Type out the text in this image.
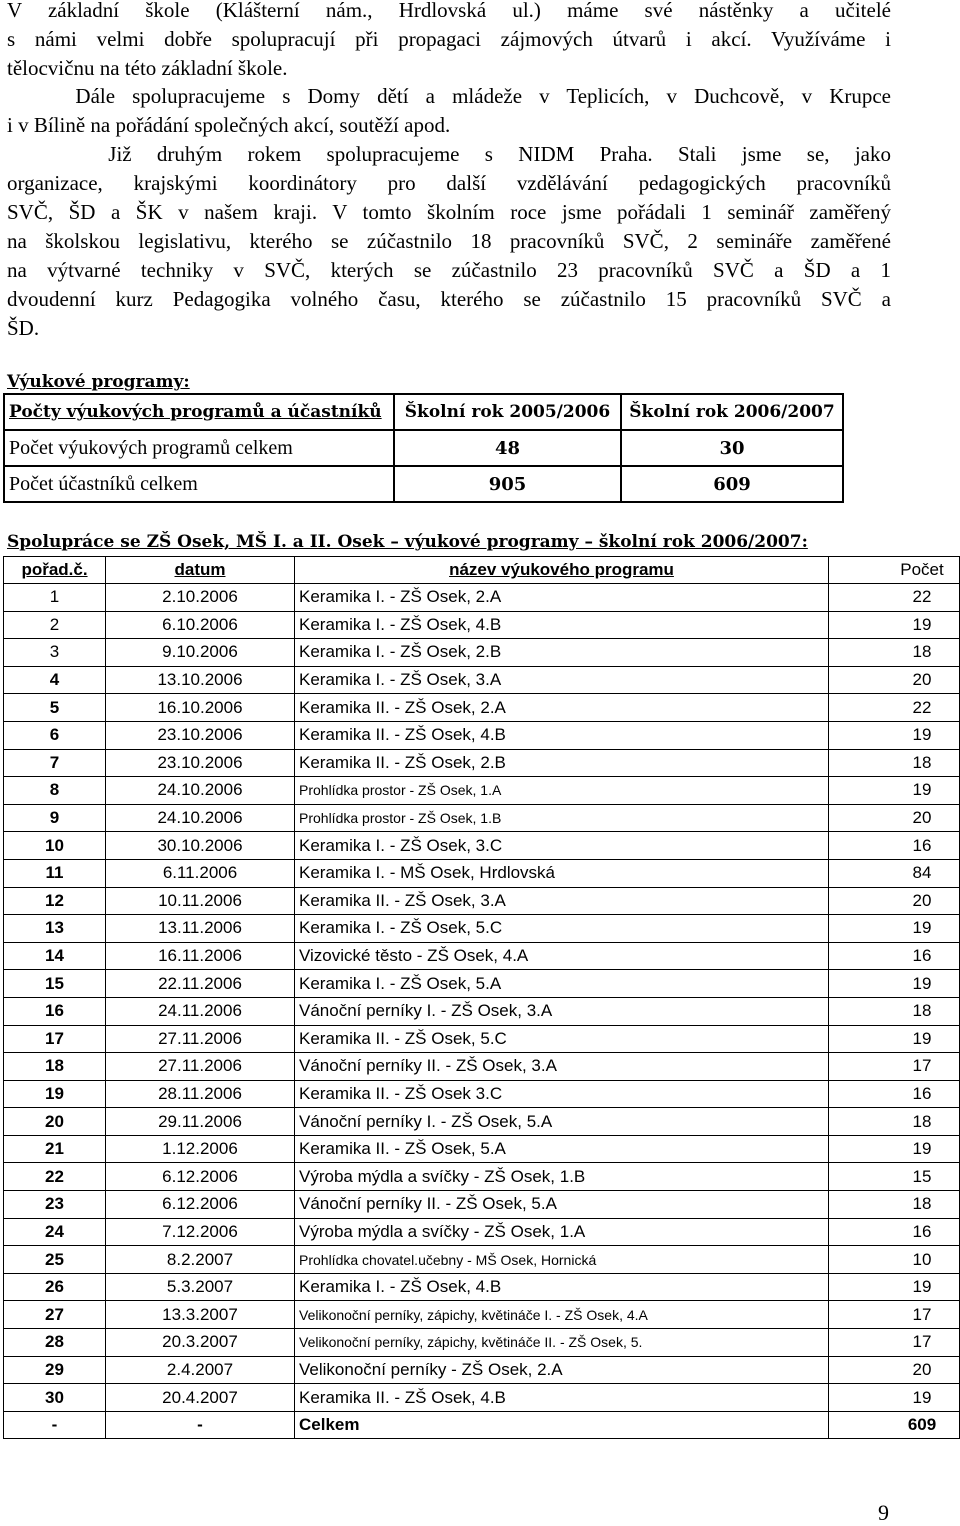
V základní škole (Klášterní nám., Hrdlovská ul.) máme své nástěnky a učitelé
s námi velmi dobře spolupracují při propagaci zájmových útvarů i akcí. Využíváme i
tělocvičnu na této základní škole.
Dále spolupracujeme s Domy dětí a mládeže v Teplicích, v Duchcově, v Krupce
i v Bílině na pořádání společných akcí, soutěží apod.
Již druhým rokem spolupracujeme s NIDM Praha. Stali jsme se, jako
organizace, krajskými koordinátory pro další vzdělávání pedagogických pracovníků
SVČ, ŠD a ŠK v našem kraji. V tomto školním roce jsme pořádali 1 seminář zaměřený
na školskou legislativu, kterého se zúčastnilo 18 pracovníků SVČ, 2 semináře zaměřené
na výtvarné techniky v SVČ, kterých se zúčastnilo 23 pracovníků SVČ a ŠD a 1
dvoudenní kurz Pedagogika volného času, kterého se zúčastnilo 15 pracovníků SVČ a
ŠD.
Výukové programy:
Počty výukových programů a účastníků	Školní rok 2005/2006	Školní rok 2006/2007
Počet výukových programů celkem	48	30
Počet účastníků celkem	905	609
Spolupráce se ZŠ Osek, MŠ I. a II. Osek – výukové programy – školní rok 2006/2007:
pořad.č.	datum	název výukového programu	Počet
1	2.10.2006	Keramika I. - ZŠ Osek, 2.A	22
2	6.10.2006	Keramika I. - ZŠ Osek, 4.B	19
3	9.10.2006	Keramika I. - ZŠ Osek, 2.B	18
4	13.10.2006	Keramika I. - ZŠ Osek, 3.A	20
5	16.10.2006	Keramika II. - ZŠ Osek, 2.A	22
6	23.10.2006	Keramika II. - ZŠ Osek, 4.B	19
7	23.10.2006	Keramika II. - ZŠ Osek, 2.B	18
8	24.10.2006	Prohlídka prostor - ZŠ Osek, 1.A	19
9	24.10.2006	Prohlídka prostor - ZŠ Osek, 1.B	20
10	30.10.2006	Keramika I. - ZŠ Osek, 3.C	16
11	6.11.2006	Keramika I. - MŠ Osek, Hrdlovská	84
12	10.11.2006	Keramika II. - ZŠ Osek, 3.A	20
13	13.11.2006	Keramika I. - ZŠ Osek, 5.C	19
14	16.11.2006	Vizovické těsto - ZŠ Osek, 4.A	16
15	22.11.2006	Keramika I. - ZŠ Osek, 5.A	19
16	24.11.2006	Vánoční perníky I. - ZŠ Osek, 3.A	18
17	27.11.2006	Keramika II. - ZŠ Osek, 5.C	19
18	27.11.2006	Vánoční perníky II. - ZŠ Osek, 3.A	17
19	28.11.2006	Keramika II. - ZŠ Osek 3.C	16
20	29.11.2006	Vánoční perníky I. - ZŠ Osek, 5.A	18
21	1.12.2006	Keramika II. - ZŠ Osek, 5.A	19
22	6.12.2006	Výroba mýdla a svíčky - ZŠ Osek, 1.B	15
23	6.12.2006	Vánoční perníky II. - ZŠ Osek, 5.A	18
24	7.12.2006	Výroba mýdla a svíčky - ZŠ Osek, 1.A	16
25	8.2.2007	Prohlídka chovatel.učebny - MŠ Osek, Hornická	10
26	5.3.2007	Keramika I. - ZŠ Osek, 4.B	19
27	13.3.2007	Velikonoční perníky, zápichy, květináče I. - ZŠ Osek, 4.A	17
28	20.3.2007	Velikonoční perníky, zápichy, květináče II. - ZŠ Osek, 5.	17
29	2.4.2007	Velikonoční perníky - ZŠ Osek, 2.A	20
30	20.4.2007	Keramika II. - ZŠ Osek, 4.B	19
-	-	Celkem	609
9
